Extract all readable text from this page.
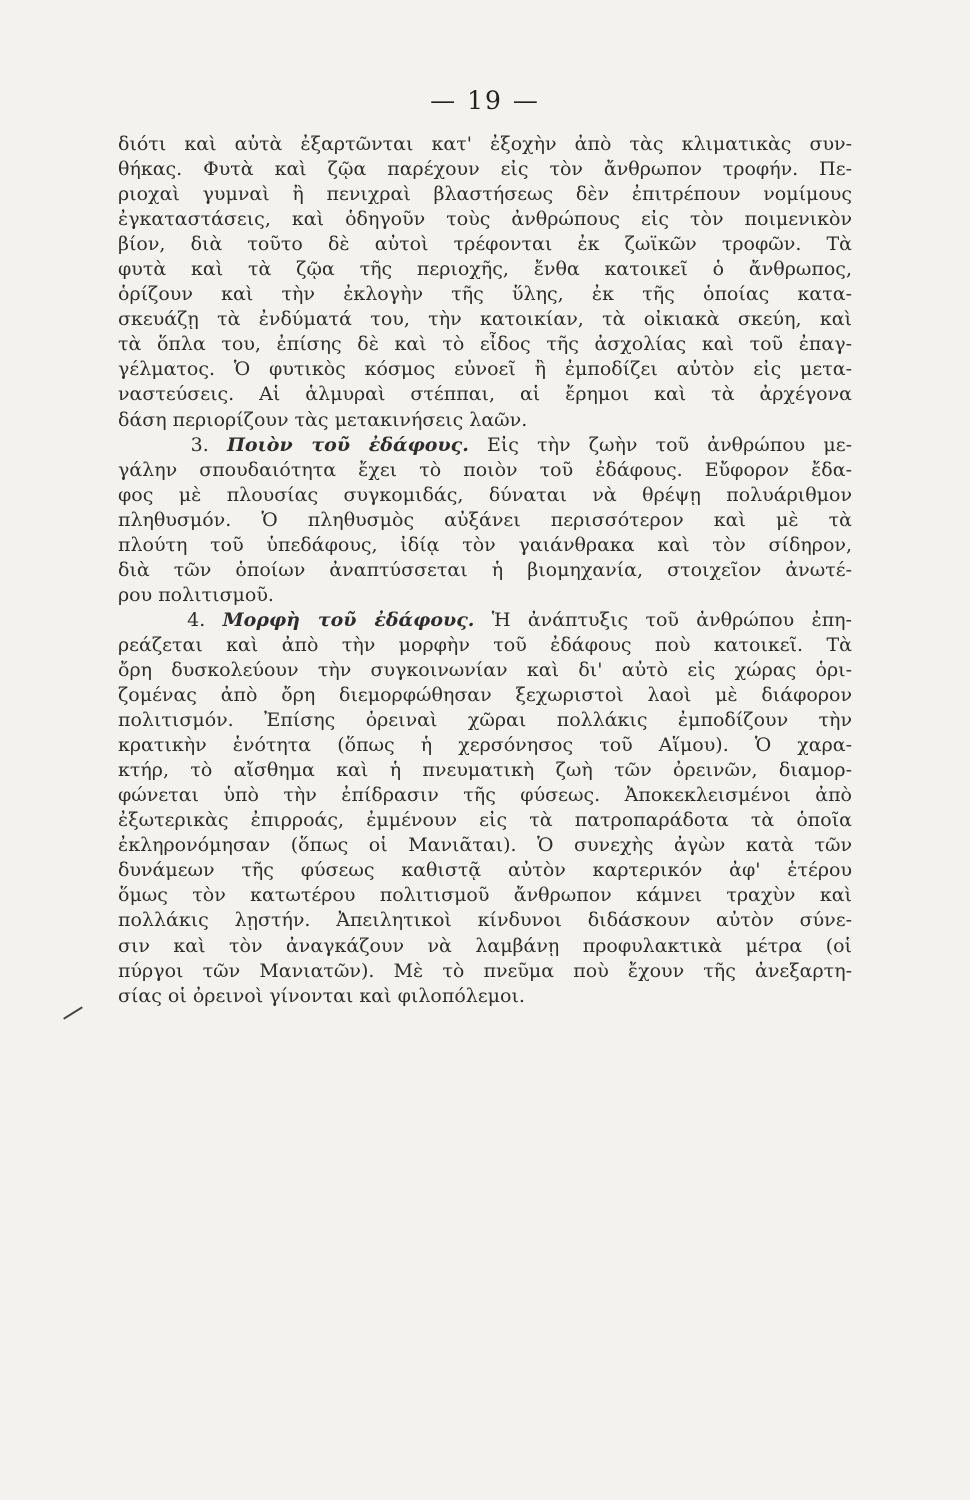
— 19 —
διότι καὶ αὐτὰ ἐξαρτῶνται κατ' ἐξοχὴν ἀπὸ τὰς κλιματικὰς συν-
θήκας. Φυτὰ καὶ ζῷα παρέχουν εἰς τὸν ἄνθρωπον τροφήν. Πε-
ριοχαὶ γυμναὶ ἢ πενιχραὶ βλαστήσεως δὲν ἐπιτρέπουν νομίμους
ἐγκαταστάσεις, καὶ ὁδηγοῦν τοὺς ἀνθρώπους εἰς τὸν ποιμενικὸν
βίον, διὰ τοῦτο δὲ αὐτοὶ τρέφονται ἐκ ζωϊκῶν τροφῶν. Τὰ
φυτὰ καὶ τὰ ζῷα τῆς περιοχῆς, ἔνθα κατοικεῖ ὁ ἄνθρωπος,
ὁρίζουν καὶ τὴν ἐκλογὴν τῆς ὕλης, ἐκ τῆς ὁποίας κατα-
σκευάζῃ τὰ ἐνδύματά του, τὴν κατοικίαν, τὰ οἰκιακὰ σκεύη, καὶ
τὰ ὅπλα του, ἐπίσης δὲ καὶ τὸ εἶδος τῆς ἀσχολίας καὶ τοῦ ἐπαγ-
γέλματος. Ὁ φυτικὸς κόσμος εὐνοεῖ ἢ ἐμποδίζει αὐτὸν εἰς μετα-
ναστεύσεις. Αἱ ἁλμυραὶ στέππαι, αἱ ἔρημοι καὶ τὰ ἀρχέγονα
δάση περιορίζουν τὰς μετακινήσεις λαῶν.
3. Ποιὸν τοῦ ἐδάφους. Εἰς τὴν ζωὴν τοῦ ἀνθρώπου με-
γάλην σπουδαιότητα ἔχει τὸ ποιὸν τοῦ ἐδάφους. Εὔφορον ἔδα-
φος μὲ πλουσίας συγκομιδάς, δύναται νὰ θρέψῃ πολυάριθμον
πληθυσμόν. Ὁ πληθυσμὸς αὐξάνει περισσότερον καὶ μὲ τὰ
πλούτη τοῦ ὑπεδάφους, ἰδίᾳ τὸν γαιάνθρακα καὶ τὸν σίδηρον,
διὰ τῶν ὁποίων ἀναπτύσσεται ἡ βιομηχανία, στοιχεῖον ἀνωτέ-
ρου πολιτισμοῦ.
4. Μορφὴ τοῦ ἐδάφους. Ἡ ἀνάπτυξις τοῦ ἀνθρώπου ἐπη-
ρεάζεται καὶ ἀπὸ τὴν μορφὴν τοῦ ἐδάφους ποὺ κατοικεῖ. Τὰ
ὄρη δυσκολεύουν τὴν συγκοινωνίαν καὶ δι' αὐτὸ εἰς χώρας ὁρι-
ζομένας ἀπὸ ὄρη διεμορφώθησαν ξεχωριστοὶ λαοὶ μὲ διάφορον
πολιτισμόν. Ἐπίσης ὀρειναὶ χῶραι πολλάκις ἐμποδίζουν τὴν
κρατικὴν ἑνότητα (ὅπως ἡ χερσόνησος τοῦ Αἵμου). Ὁ χαρα-
κτήρ, τὸ αἴσθημα καὶ ἡ πνευματικὴ ζωὴ τῶν ὀρεινῶν, διαμορ-
φώνεται ὑπὸ τὴν ἐπίδρασιν τῆς φύσεως. Ἀποκεκλεισμένοι ἀπὸ
ἐξωτερικὰς ἐπιρροάς, ἐμμένουν εἰς τὰ πατροπαράδοτα τὰ ὁποῖα
ἐκληρονόμησαν (ὅπως οἱ Μανιᾶται). Ὁ συνεχὴς ἀγὼν κατὰ τῶν
δυνάμεων τῆς φύσεως καθιστᾷ αὐτὸν καρτερικόν ἀφ' ἑτέρου
ὅμως τὸν κατωτέρου πολιτισμοῦ ἄνθρωπον κάμνει τραχὺν καὶ
πολλάκις λῃστήν. Ἀπειλητικοὶ κίνδυνοι διδάσκουν αὐτὸν σύνε-
σιν καὶ τὸν ἀναγκάζουν νὰ λαμβάνῃ προφυλακτικὰ μέτρα (οἱ
πύργοι τῶν Μανιατῶν). Μὲ τὸ πνεῦμα ποὺ ἔχουν τῆς ἀνεξαρτη-
σίας οἱ ὀρεινοὶ γίνονται καὶ φιλοπόλεμοι.
